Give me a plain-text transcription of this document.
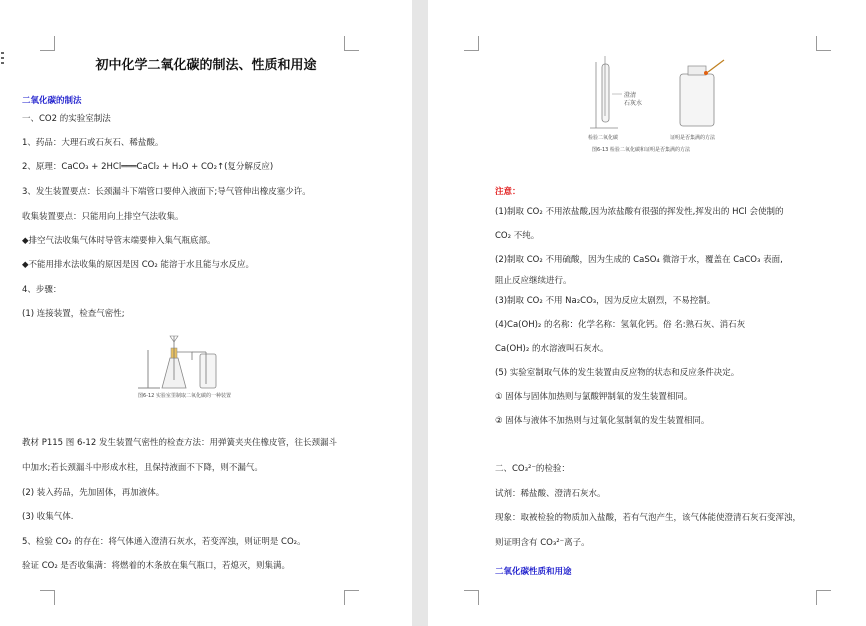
初中化学二氧化碳的制法、性质和用途
二氧化碳的制法
一、CO2 的实验室制法
1、药品：大理石或石灰石、稀盐酸。
2、原理：CaCO₃ + 2HCl═══CaCl₂ + H₂O + CO₂↑(复分解反应)
3、发生装置要点：长颈漏斗下端管口要伸入液面下;导气管伸出橡皮塞少许。
收集装置要点：只能用向上排空气法收集。
◆排空气法收集气体时导管末端要伸入集气瓶底部。
◆不能用排水法收集的原因是因 CO₂ 能溶于水且能与水反应。
4、步骤：
(1) 连接装置，检查气密性;
图6-12 实验室里制取二氧化碳的一种装置
教材 P115 图 6-12 发生装置气密性的检查方法：用弹簧夹夹住橡皮管，往长颈漏斗
中加水;若长颈漏斗中形成水柱，且保持液面不下降，则不漏气。
(2) 装入药品，先加固体，再加液体。
(3) 收集气体.
5、检验 CO₂ 的存在：将气体通入澄清石灰水，若变浑浊，则证明是 CO₂。
验证 CO₂ 是否收集满：将燃着的木条放在集气瓶口，若熄灭，则集满。
澄清
石灰水
检验二氧化碳	证明是否集满的方法
图6-13 检验二氧化碳和证明是否集满的方法
注意：
(1)制取 CO₂ 不用浓盐酸,因为浓盐酸有很强的挥发性,挥发出的 HCl 会使制的
CO₂ 不纯。
(2)制取 CO₂ 不用硫酸，因为生成的 CaSO₄ 微溶于水，覆盖在 CaCO₃ 表面,
阻止反应继续进行。
(3)制取 CO₂ 不用 Na₂CO₃，因为反应太剧烈，不易控制。
(4)Ca(OH)₂ 的名称：化学名称：氢氧化钙。俗 名:熟石灰、消石灰
Ca(OH)₂ 的水溶液叫石灰水。
(5) 实验室制取气体的发生装置由反应物的状态和反应条件决定。
① 固体与固体加热则与氯酸钾制氧的发生装置相同。
② 固体与液体不加热则与过氧化氢制氧的发生装置相同。
二、CO₃²⁻的检验：
试剂：稀盐酸、澄清石灰水。
现象：取被检验的物质加入盐酸，若有气泡产生，该气体能使澄清石灰石变浑浊，
则证明含有 CO₃²⁻离子。
二氧化碳性质和用途
